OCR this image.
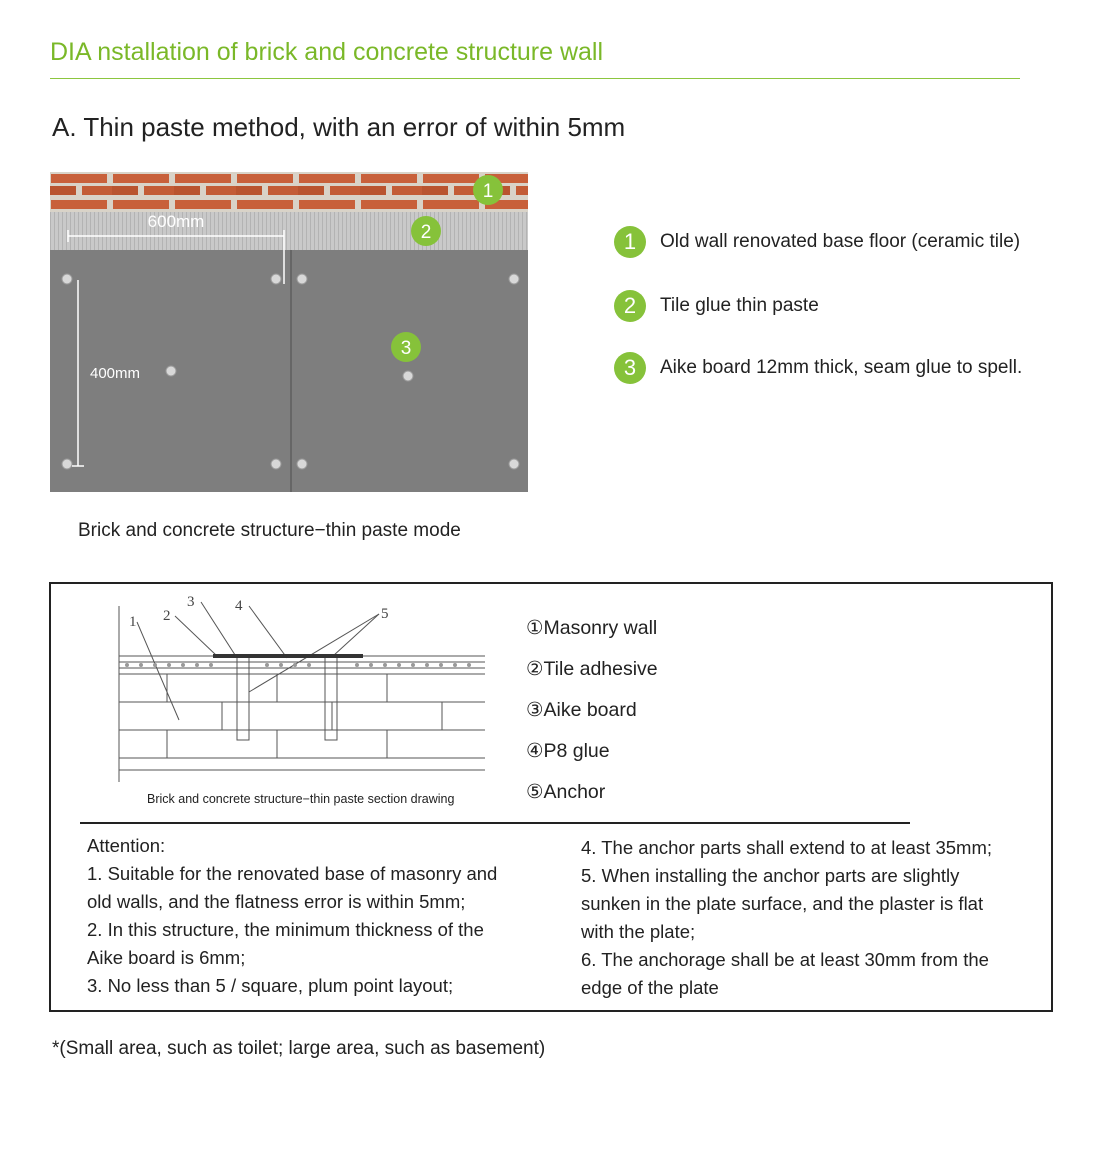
DIA nstallation of brick and concrete structure wall
A. Thin paste method, with an error of within 5mm
600mm
400mm
1
2
3
Brick and concrete structure−thin paste mode
1	Old wall renovated base floor (ceramic tile)
2	Tile glue thin paste
3	Aike board 12mm thick, seam glue to spell.
1 2
3	4	5
Brick and concrete structure−thin paste section drawing
①Masonry wall
②Tile adhesive
③Aike board
④P8 glue
⑤Anchor
Attention:
1. Suitable for the renovated base of masonry and
old walls, and the flatness error is within 5mm;
2. In this structure, the minimum thickness of the
Aike board is 6mm;
3. No less than 5 / square, plum point layout;
4. The anchor parts shall extend to at least 35mm;
5. When installing the anchor parts are slightly
sunken in the plate surface, and the plaster is flat
with the plate;
6. The anchorage shall be at least 30mm from the
edge of the plate
*(Small area, such as toilet; large area, such as basement)
